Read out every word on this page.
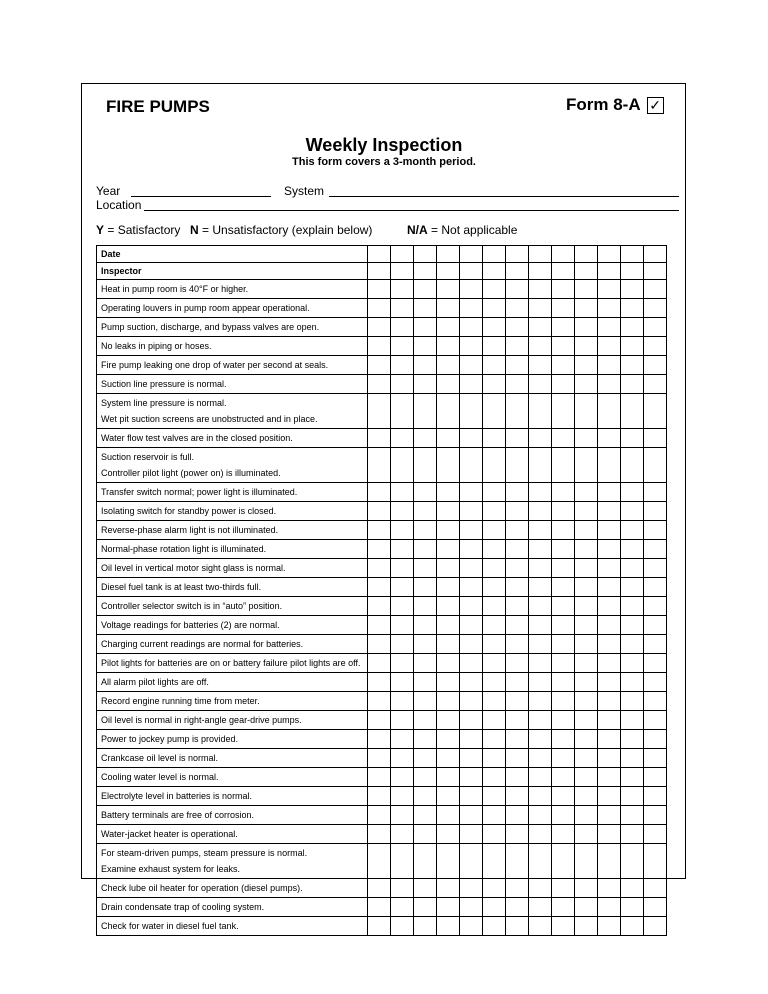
FIRE PUMPS	Form 8-A ✓
Weekly Inspection
This form covers a 3-month period.
Year	System
Location
Y = Satisfactory N = Unsatisfactory (explain below)	N/A = Not applicable
Date													

Inspector													

Heat in pump room is 40°F or higher.													

Operating louvers in pump room appear operational.													

Pump suction, discharge, and bypass valves are open.													

No leaks in piping or hoses.													

Fire pump leaking one drop of water per second at seals.													

Suction line pressure is normal.													

System line pressure is normal.
Wet pit suction screens are unobstructed and in place.													

Water flow test valves are in the closed position.													

Suction reservoir is full.
Controller pilot light (power on) is illuminated.													

Transfer switch normal; power light is illuminated.													

Isolating switch for standby power is closed.													

Reverse-phase alarm light is not illuminated.													

Normal-phase rotation light is illuminated.													

Oil level in vertical motor sight glass is normal.													

Diesel fuel tank is at least two-thirds full.													

Controller selector switch is in “auto” position.													

Voltage readings for batteries (2) are normal.													

Charging current readings are normal for batteries.													

Pilot lights for batteries are on or battery failure pilot lights are off.													

All alarm pilot lights are off.													

Record engine running time from meter.													

Oil level is normal in right-angle gear-drive pumps.													

Power to jockey pump is provided.													

Crankcase oil level is normal.													

Cooling water level is normal.													

Electrolyte level in batteries is normal.													

Battery terminals are free of corrosion.													

Water-jacket heater is operational.													

For steam-driven pumps, steam pressure is normal.
Examine exhaust system for leaks.													

Check lube oil heater for operation (diesel pumps).													

Drain condensate trap of cooling system.													

Check for water in diesel fuel tank.													
